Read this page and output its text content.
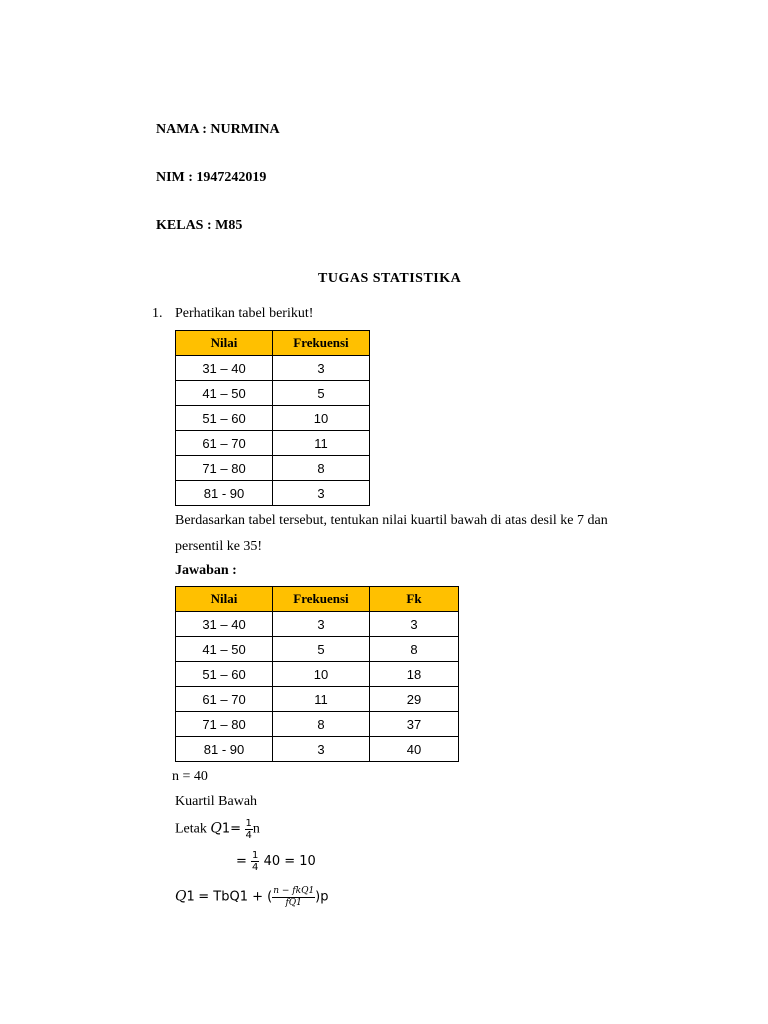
NAMA : NURMINA
NIM : 1947242019
KELAS : M85
TUGAS STATISTIKA
1. Perhatikan tabel berikut!
Nilai	Frekuensi
31 – 40	3
41 – 50	5
51 – 60	10
61 – 70	11
71 – 80	8
81 - 90	3
Berdasarkan tabel tersebut, tentukan nilai kuartil bawah di atas desil ke 7 dan
persentil ke 35!
Jawaban :
Nilai	Frekuensi	Fk
31 – 40	3	3
41 – 50	5	8
51 – 60	10	18
61 – 70	11	29
71 – 80	8	37
81 - 90	3	40
n = 40
Kuartil Bawah
Letak $Q1= \frac{1}{4}$ n
= $\frac{1}{4} 40 = 10$
Q1 = TbQ1 + ( $\frac{\text{n − fkQ1}}{fQ1} )p$
